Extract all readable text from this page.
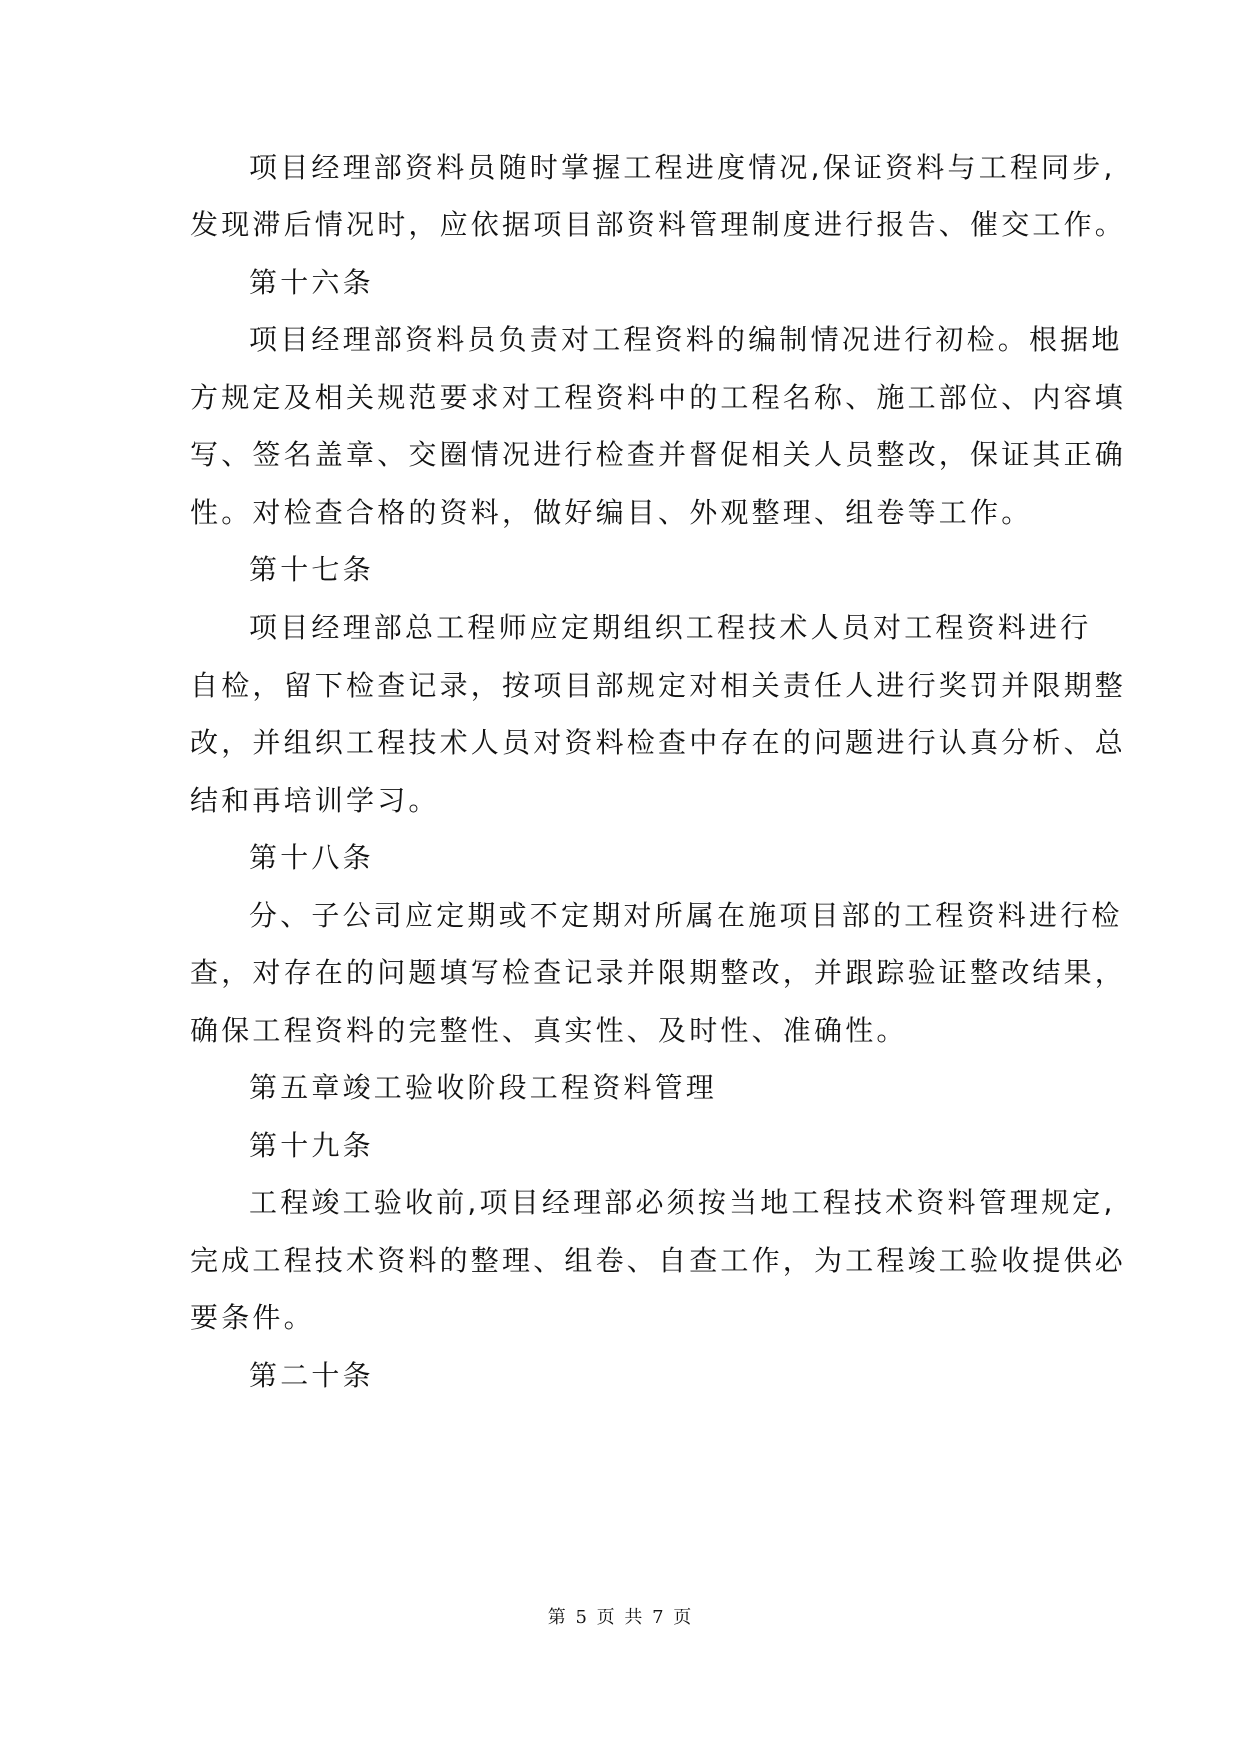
项目经理部资料员随时掌握工程进度情况,保证资料与工程同步,
发现滞后情况时，应依据项目部资料管理制度进行报告、催交工作。
第十六条
项目经理部资料员负责对工程资料的编制情况进行初检。根据地
方规定及相关规范要求对工程资料中的工程名称、施工部位、内容填
写、签名盖章、交圈情况进行检查并督促相关人员整改，保证其正确
性。对检查合格的资料，做好编目、外观整理、组卷等工作。
第十七条
项目经理部总工程师应定期组织工程技术人员对工程资料进行
自检，留下检查记录，按项目部规定对相关责任人进行奖罚并限期整
改，并组织工程技术人员对资料检查中存在的问题进行认真分析、总
结和再培训学习。
第十八条
分、子公司应定期或不定期对所属在施项目部的工程资料进行检
查，对存在的问题填写检查记录并限期整改，并跟踪验证整改结果，
确保工程资料的完整性、真实性、及时性、准确性。
第五章竣工验收阶段工程资料管理
第十九条
工程竣工验收前,项目经理部必须按当地工程技术资料管理规定,
完成工程技术资料的整理、组卷、自查工作，为工程竣工验收提供必
要条件。
第二十条
第 5 页 共 7 页
